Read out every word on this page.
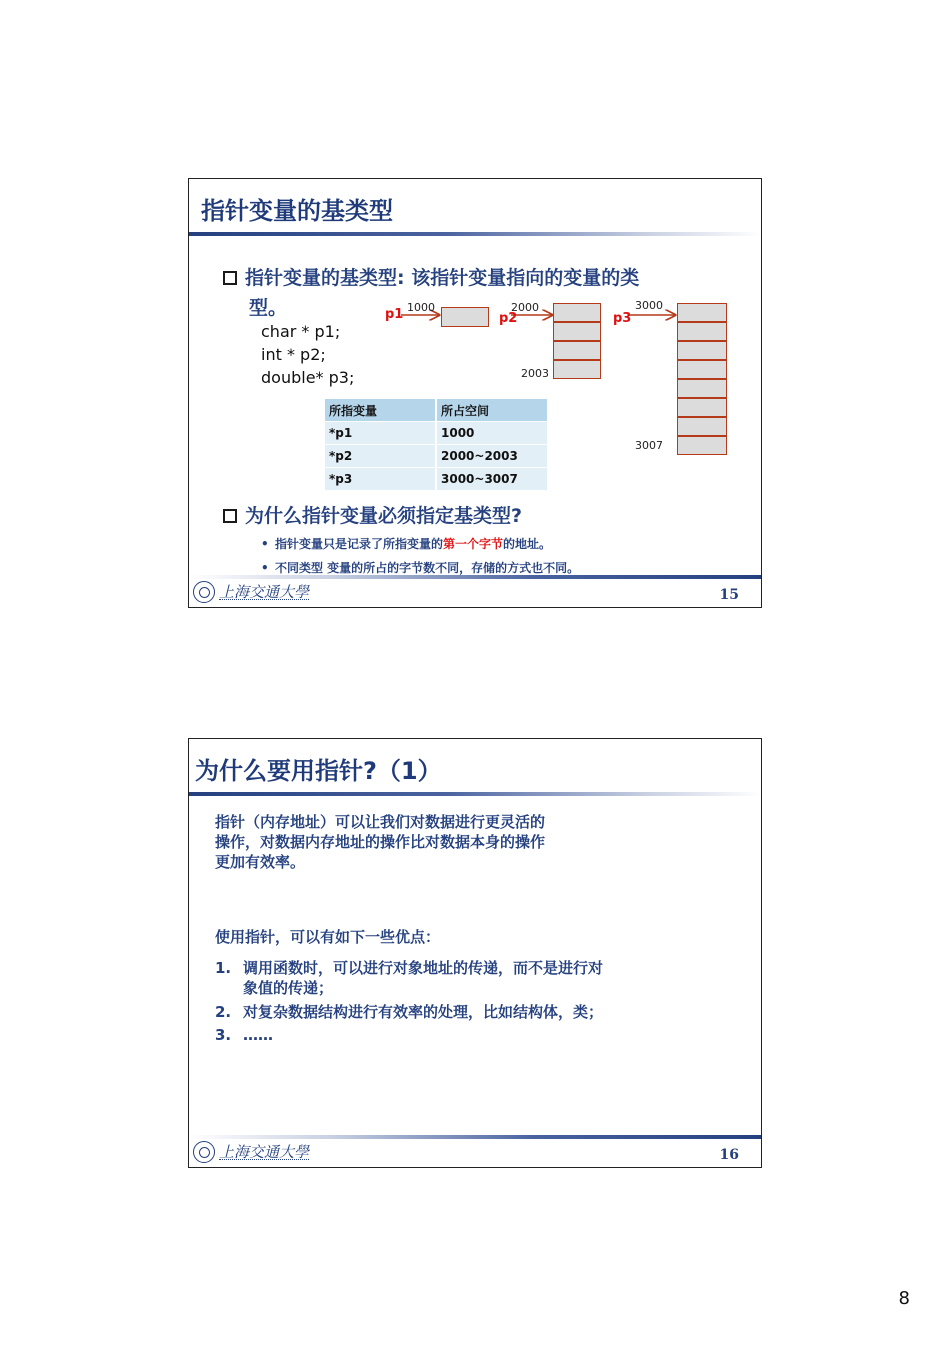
指针变量的基类型
指针变量的基类型: 该指针变量指向的变量的类
型。
char * p1;
int * p2;
double* p3;
p1 1000
p2
2000
2003
p3
3000
3007
所指变量	所占空间
*p1	1000
*p2	2000~2003
*p3	3000~3007
为什么指针变量必须指定基类型?
• 指针变量只是记录了所指变量的第一个字节的地址。
• 不同类型 变量的所占的字节数不同，存储的方式也不同。
上海交通大學	15
为什么要用指针?（1）
指针（内存地址）可以让我们对数据进行更灵活的
操作，对数据内存地址的操作比对数据本身的操作
更加有效率。
使用指针，可以有如下一些优点：
1. 调用函数时，可以进行对象地址的传递，而不是进行对
象值的传递；
2. 对复杂数据结构进行有效率的处理，比如结构体，类；
3. ……
上海交通大學	16
8
